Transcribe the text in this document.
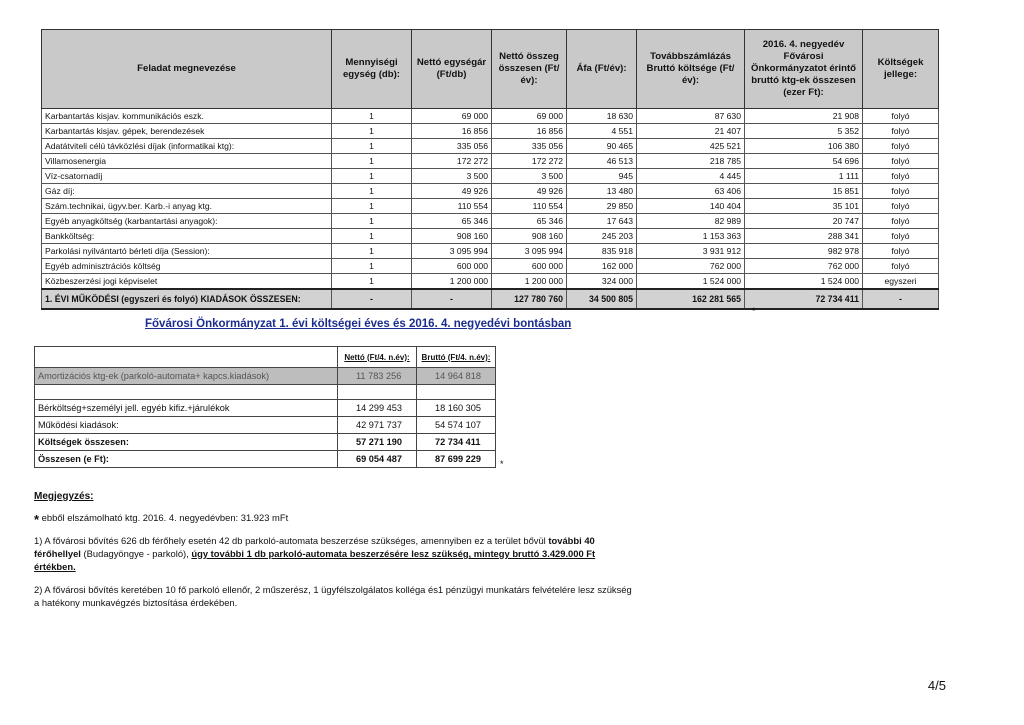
Feladat megnevezése	Mennyiségi egység (db):	Nettó egységár (Ft/db)	Nettó összeg összesen (Ft/év):	Áfa (Ft/év):	Továbbszámlázás Bruttó költsége (Ft/év):	2016. 4. negyedév Fővárosi Önkormányzatot érintő bruttó ktg-ek összesen (ezer Ft):	Költségek jellege:
Karbantartás kisjav. kommunikációs eszk.	1	69 000	69 000	18 630	87 630	21 908	folyó
Karbantartás kisjav. gépek, berendezések	1	16 856	16 856	4 551	21 407	5 352	folyó
Adatátviteli célú távközlési díjak (informatikai ktg):	1	335 056	335 056	90 465	425 521	106 380	folyó
Villamosenergia	1	172 272	172 272	46 513	218 785	54 696	folyó
Víz-csatornadíj	1	3 500	3 500	945	4 445	1 111	folyó
Gáz díj:	1	49 926	49 926	13 480	63 406	15 851	folyó
Szám.technikai, ügyv.ber. Karb.-i anyag ktg.	1	110 554	110 554	29 850	140 404	35 101	folyó
Egyéb anyagköltség (karbantartási anyagok):	1	65 346	65 346	17 643	82 989	20 747	folyó
Bankköltség:	1	908 160	908 160	245 203	1 153 363	288 341	folyó
Parkolási nyilvántartó bérleti díja (Session):	1	3 095 994	3 095 994	835 918	3 931 912	982 978	folyó
Egyéb adminisztrációs költség	1	600 000	600 000	162 000	762 000	762 000	folyó
Közbeszerzési jogi képviselet	1	1 200 000	1 200 000	324 000	1 524 000	1 524 000	egyszeri
1. ÉVI MŰKÖDÉSI (egyszeri és folyó) KIADÁSOK ÖSSZESEN:	-	-	127 780 760	34 500 805	162 281 565	72 734 411	-
*
Fővárosi Önkormányzat 1. évi költségei éves és 2016. 4. negyedévi bontásban
	Nettó (Ft/4. n.év):	Bruttó (Ft/4. n.év):
Amortizációs ktg-ek (parkoló-automata+ kapcs.kiadások)	11 783 256	14 964 818

Bérköltség+személyi jell. egyéb kifiz.+járulékok	14 299 453	18 160 305
Működési kiadások:	42 971 737	54 574 107
Költségek összesen:	57 271 190	72 734 411
Összesen (e Ft):	69 054 487	87 699 229
*
Megjegyzés:
* ebből elszámolható ktg. 2016. 4. negyedévben: 31.923 mFt
1) A fővárosi bővítés 626 db férőhely esetén 42 db parkoló-automata beszerzése szükséges, amennyiben ez a terület bővül további 40 férőhellyel (Budagyöngye - parkoló), úgy további 1 db parkoló-automata beszerzésére lesz szükség, mintegy bruttó 3.429.000 Ft értékben.
2) A fővárosi bővítés keretében 10 fő parkoló ellenőr, 2 műszerész, 1 ügyfélszolgálatos kolléga és1 pénzügyi munkatárs felvételére lesz szükség a hatékony munkavégzés biztosítása érdekében.
4/5
